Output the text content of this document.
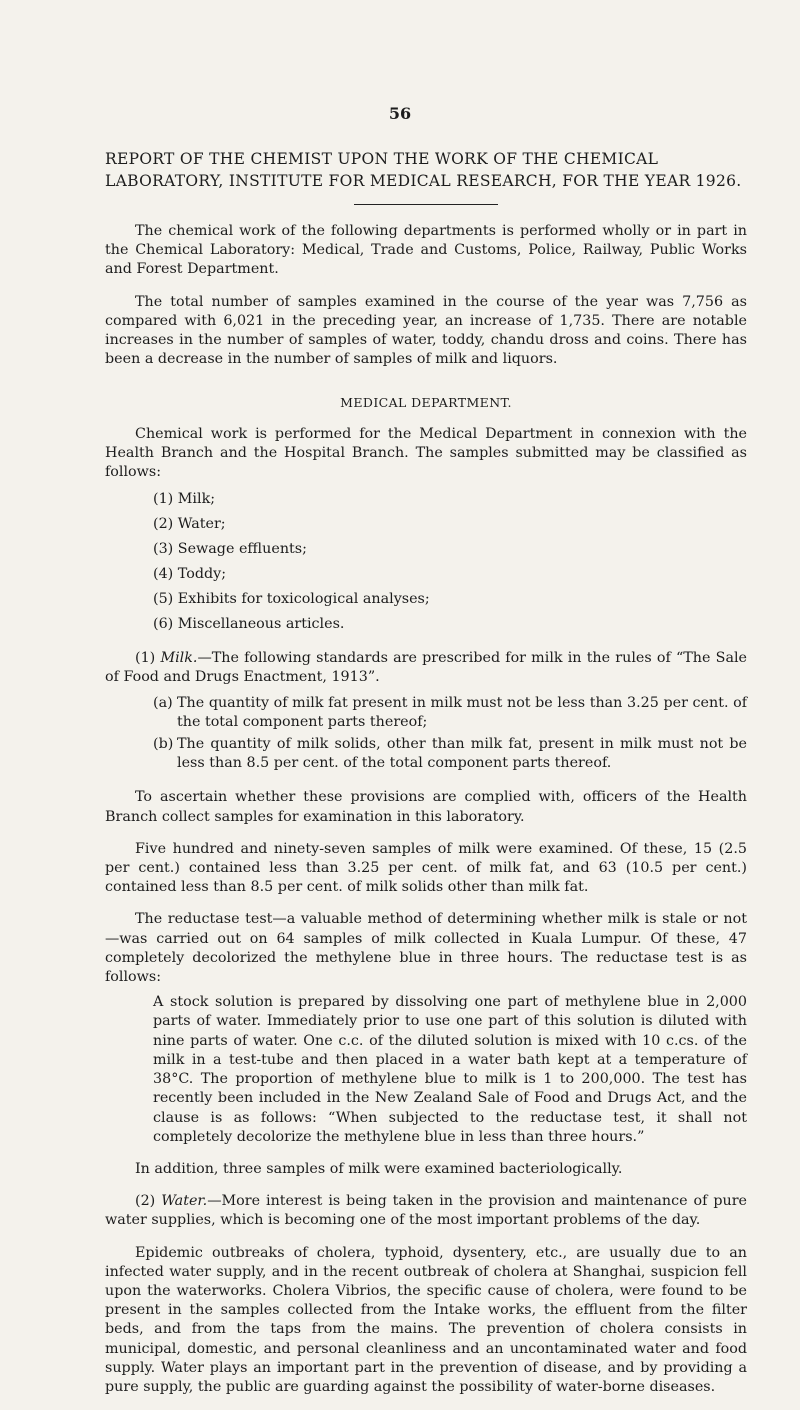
56
REPORT OF THE CHEMIST UPON THE WORK OF THE CHEMICAL LABORATORY, INSTITUTE FOR MEDICAL RESEARCH, FOR THE YEAR 1926.

The chemical work of the following departments is performed wholly or in part in the Chemical Laboratory: Medical, Trade and Customs, Police, Railway, Public Works and Forest Department.

The total number of samples examined in the course of the year was 7,756 as compared with 6,021 in the preceding year, an increase of 1,735. There are notable increases in the number of samples of water, toddy, chandu dross and coins. There has been a decrease in the number of samples of milk and liquors.

MEDICAL DEPARTMENT.

Chemical work is performed for the Medical Department in connexion with the Health Branch and the Hospital Branch. The samples submitted may be classified as follows:

(1) Milk;
(2) Water;
(3) Sewage effluents;
(4) Toddy;
(5) Exhibits for toxicological analyses;
(6) Miscellaneous articles.

(1) Milk.—The following standards are prescribed for milk in the rules of “The Sale of Food and Drugs Enactment, 1913”.

(a) The quantity of milk fat present in milk must not be less than 3.25 per cent. of the total component parts thereof;
(b) The quantity of milk solids, other than milk fat, present in milk must not be less than 8.5 per cent. of the total component parts thereof.

To ascertain whether these provisions are complied with, officers of the Health Branch collect samples for examination in this laboratory.

Five hundred and ninety-seven samples of milk were examined. Of these, 15 (2.5 per cent.) contained less than 3.25 per cent. of milk fat, and 63 (10.5 per cent.) contained less than 8.5 per cent. of milk solids other than milk fat.

The reductase test—a valuable method of determining whether milk is stale or not—was carried out on 64 samples of milk collected in Kuala Lumpur. Of these, 47 completely decolorized the methylene blue in three hours. The reductase test is as follows:

A stock solution is prepared by dissolving one part of methylene blue in 2,000 parts of water. Immediately prior to use one part of this solution is diluted with nine parts of water. One c.c. of the diluted solution is mixed with 10 c.cs. of the milk in a test-tube and then placed in a water bath kept at a temperature of 38°C. The proportion of methylene blue to milk is 1 to 200,000. The test has recently been included in the New Zealand Sale of Food and Drugs Act, and the clause is as follows: “When subjected to the reductase test, it shall not completely decolorize the methylene blue in less than three hours.”

In addition, three samples of milk were examined bacteriologically.

(2) Water.—More interest is being taken in the provision and maintenance of pure water supplies, which is becoming one of the most important problems of the day.

Epidemic outbreaks of cholera, typhoid, dysentery, etc., are usually due to an infected water supply, and in the recent outbreak of cholera at Shanghai, suspicion fell upon the waterworks. Cholera Vibrios, the specific cause of cholera, were found to be present in the samples collected from the Intake works, the effluent from the filter beds, and from the taps from the mains. The prevention of cholera consists in municipal, domestic, and personal cleanliness and an uncontaminated water and food supply. Water plays an important part in the prevention of disease, and by providing a pure supply, the public are guarding against the possibility of water-borne diseases.
